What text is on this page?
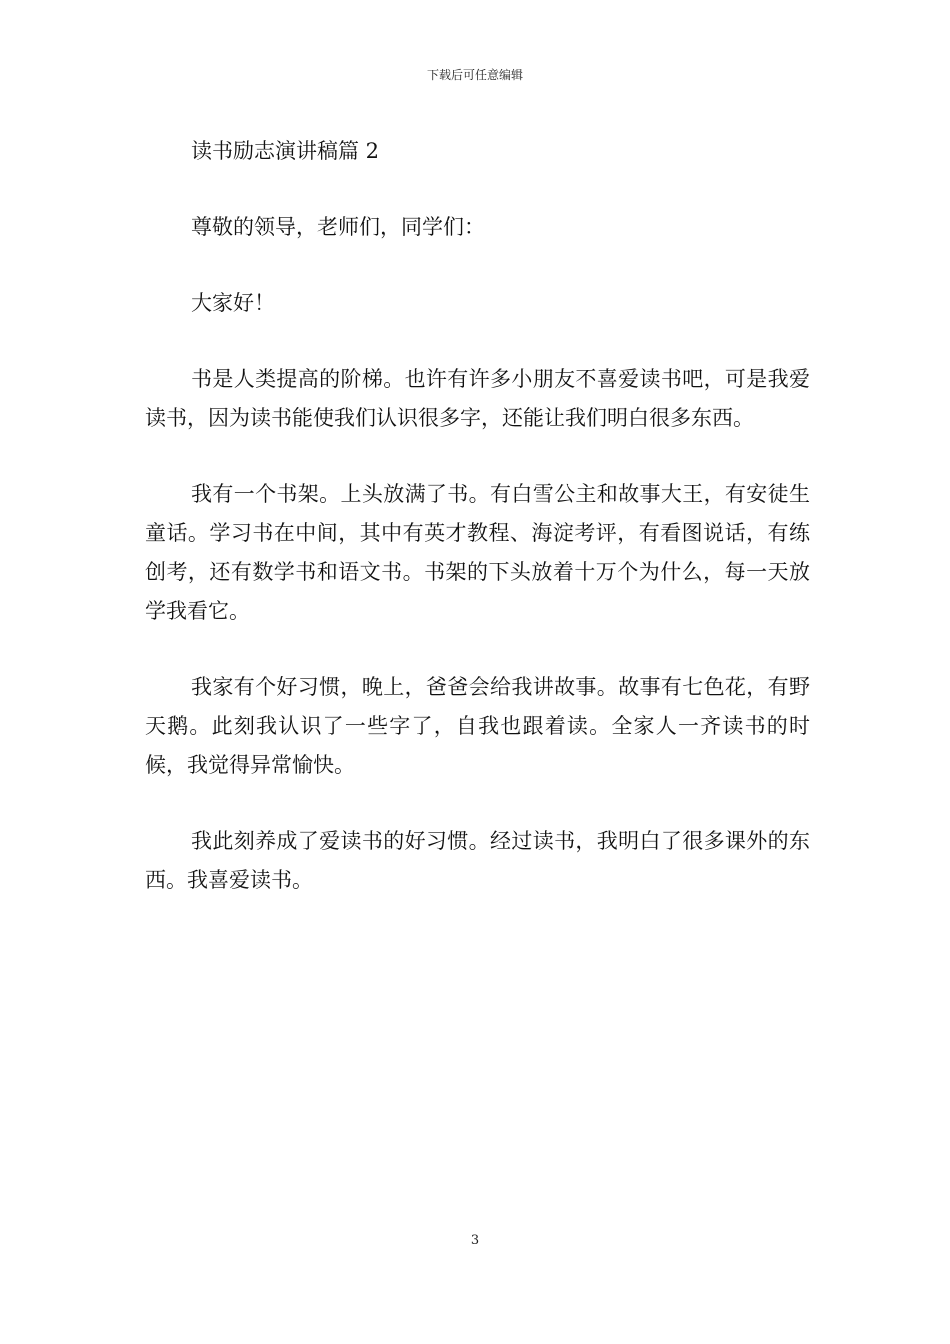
下载后可任意编辑

读书励志演讲稿篇 2

尊敬的领导，老师们，同学们：

大家好！

书是人类提高的阶梯。也许有许多小朋友不喜爱读书吧，可是我爱读书，因为读书能使我们认识很多字，还能让我们明白很多东西。

我有一个书架。上头放满了书。有白雪公主和故事大王，有安徒生童话。学习书在中间，其中有英才教程、海淀考评，有看图说话，有练创考，还有数学书和语文书。书架的下头放着十万个为什么，每一天放学我看它。

我家有个好习惯，晚上，爸爸会给我讲故事。故事有七色花，有野天鹅。此刻我认识了一些字了，自我也跟着读。全家人一齐读书的时候，我觉得异常愉快。

我此刻养成了爱读书的好习惯。经过读书，我明白了很多课外的东西。我喜爱读书。

3
